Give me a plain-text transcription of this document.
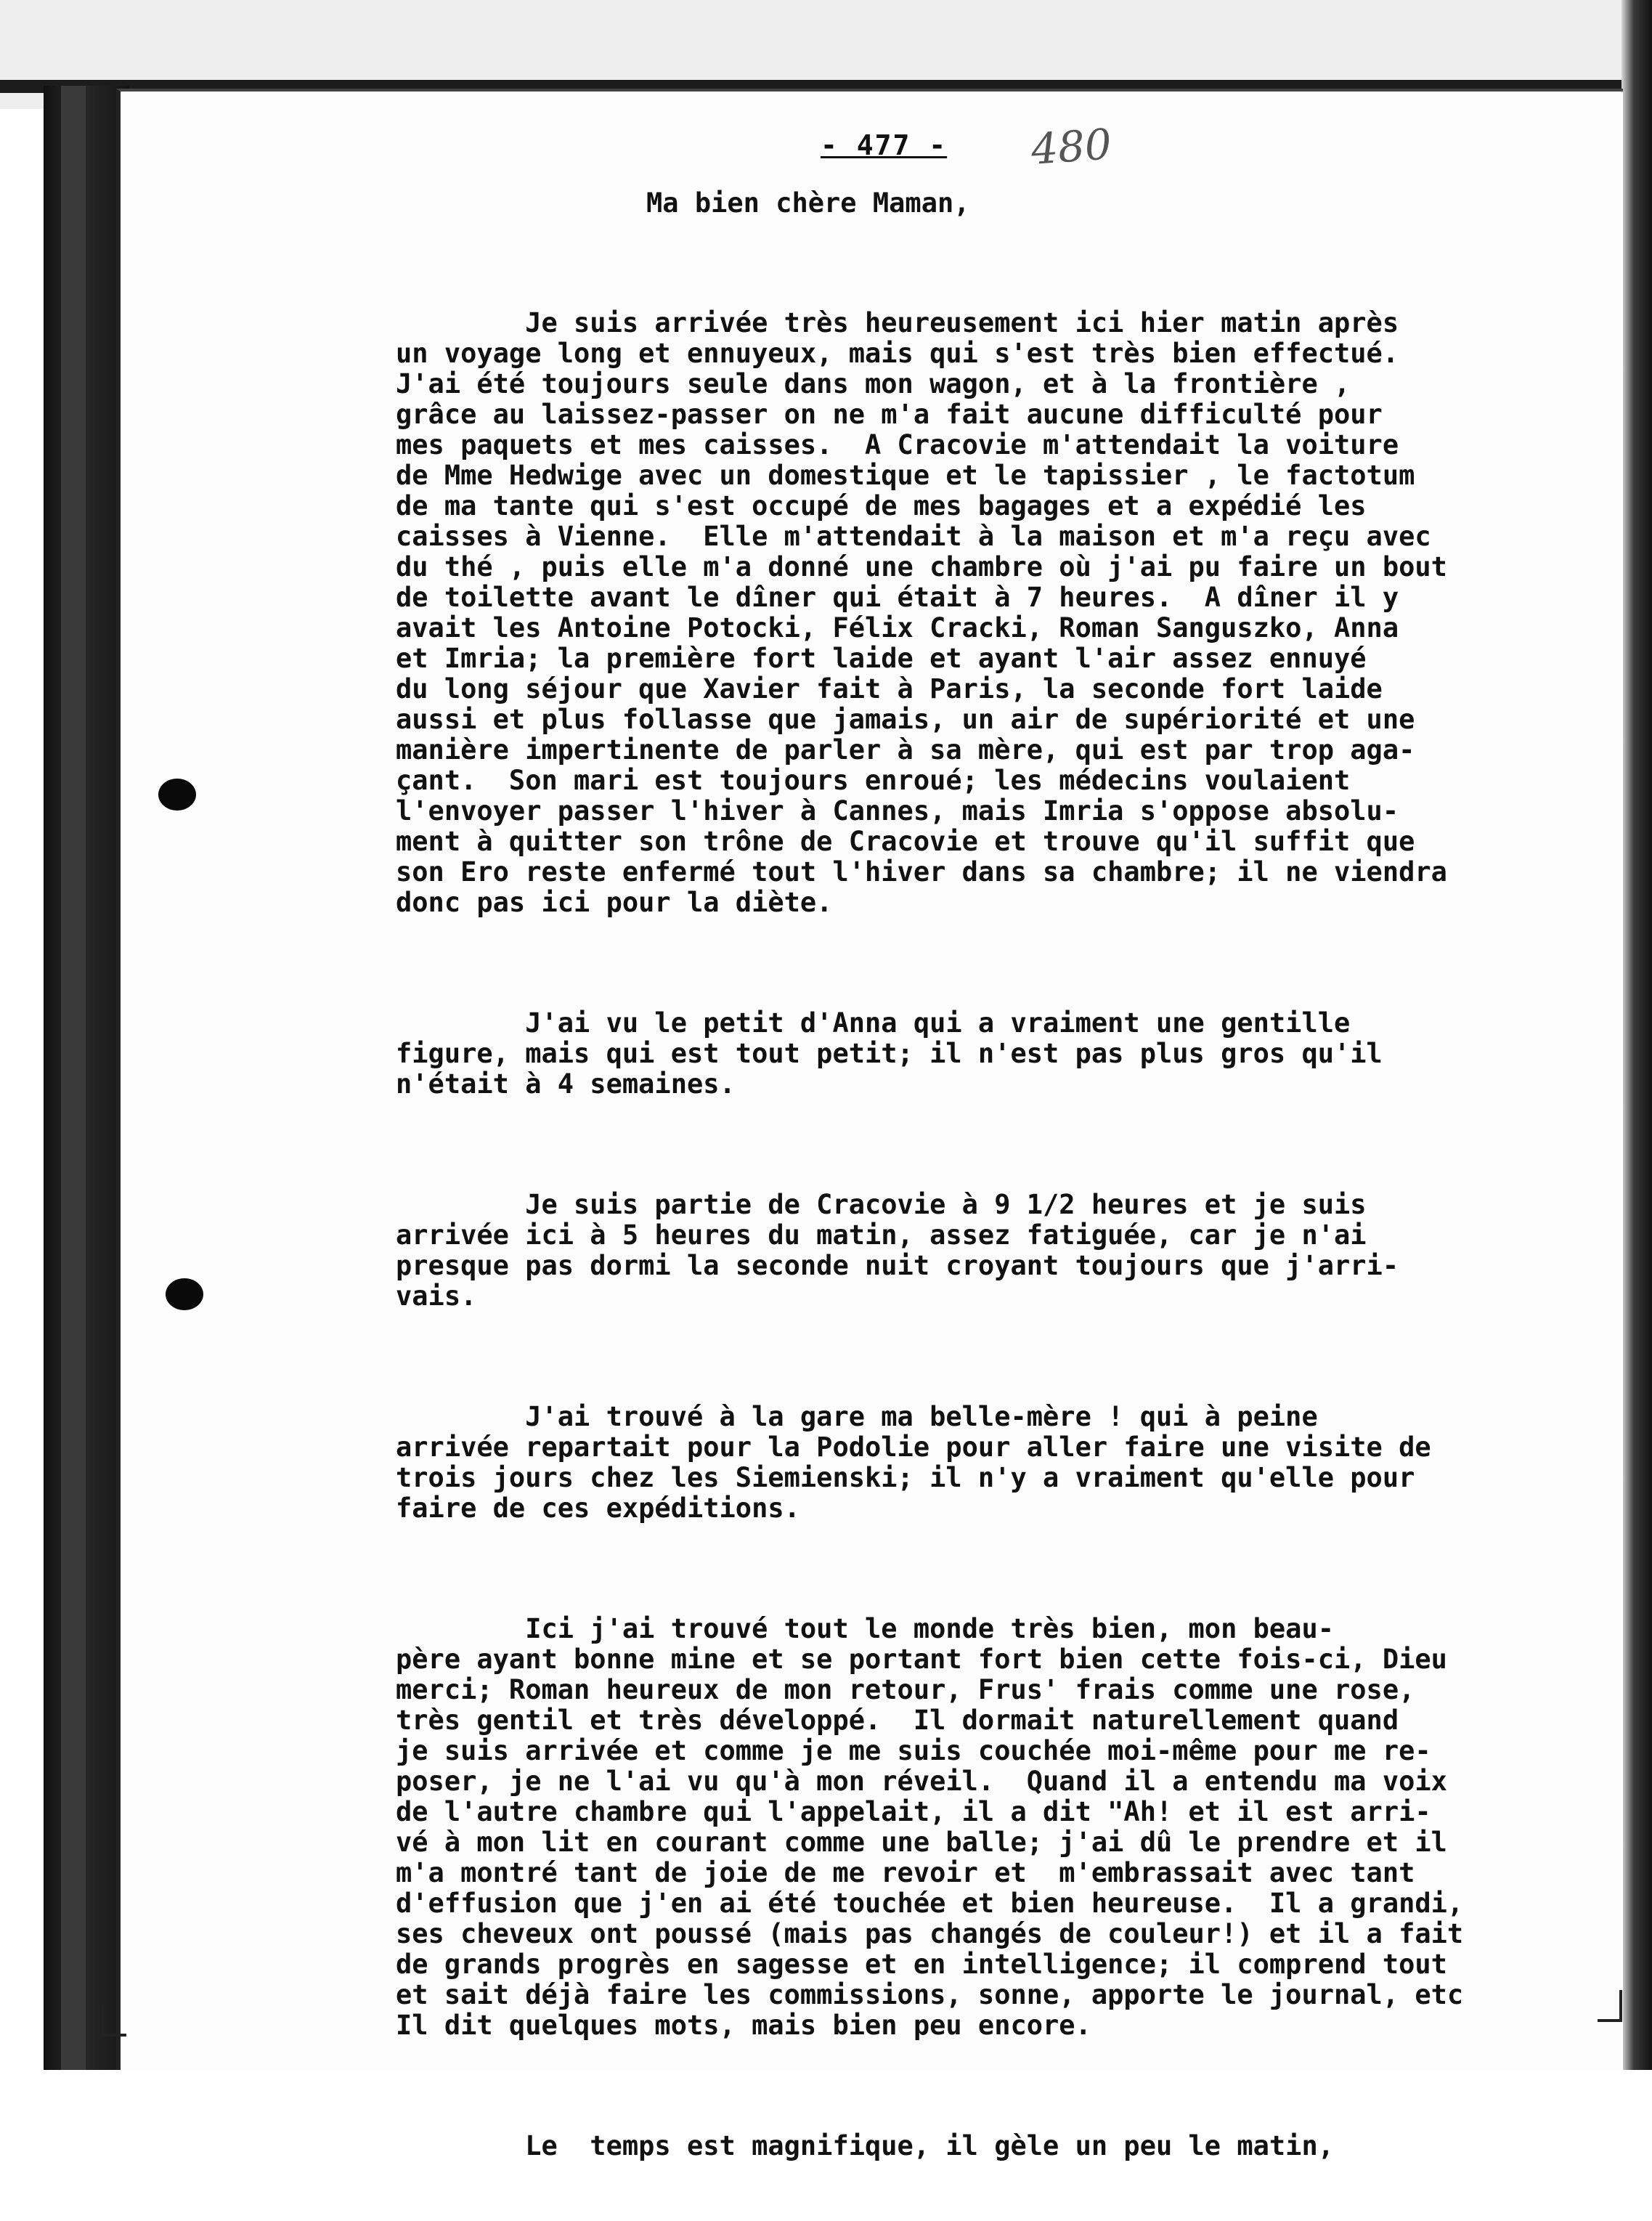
- 477 - 480
Ma bien chère Maman,

Je suis arrivée très heureusement ici hier matin après
un voyage long et ennuyeux, mais qui s'est très bien effectué.
J'ai été toujours seule dans mon wagon, et à la frontière ,
grâce au laissez-passer on ne m'a fait aucune difficulté pour
mes paquets et mes caisses.  A Cracovie m'attendait la voiture
de Mme Hedwige avec un domestique et le tapissier , le factotum
de ma tante qui s'est occupé de mes bagages et a expédié les
caisses à Vienne.  Elle m'attendait à la maison et m'a reçu avec
du thé , puis elle m'a donné une chambre où j'ai pu faire un bout
de toilette avant le dîner qui était à 7 heures.  A dîner il y
avait les Antoine Potocki, Félix Cracki, Roman Sanguszko, Anna
et Imria; la première fort laide et ayant l'air assez ennuyé
du long séjour que Xavier fait à Paris, la seconde fort laide
aussi et plus follasse que jamais, un air de supériorité et une
manière impertinente de parler à sa mère, qui est par trop aga-
çant.  Son mari est toujours enroué; les médecins voulaient
l'envoyer passer l'hiver à Cannes, mais Imria s'oppose absolu-
ment à quitter son trône de Cracovie et trouve qu'il suffit que
son Ero reste enfermé tout l'hiver dans sa chambre; il ne viendra
donc pas ici pour la diète.

J'ai vu le petit d'Anna qui a vraiment une gentille
figure, mais qui est tout petit; il n'est pas plus gros qu'il
n'était à 4 semaines.

Je suis partie de Cracovie à 9 1/2 heures et je suis
arrivée ici à 5 heures du matin, assez fatiguée, car je n'ai
presque pas dormi la seconde nuit croyant toujours que j'arri-
vais.

J'ai trouvé à la gare ma belle-mère ! qui à peine
arrivée repartait pour la Podolie pour aller faire une visite de
trois jours chez les Siemienski; il n'y a vraiment qu'elle pour
faire de ces expéditions.

Ici j'ai trouvé tout le monde très bien, mon beau-
père ayant bonne mine et se portant fort bien cette fois-ci, Dieu
merci; Roman heureux de mon retour, Frus' frais comme une rose,
très gentil et très développé.  Il dormait naturellement quand
je suis arrivée et comme je me suis couchée moi-même pour me re-
poser, je ne l'ai vu qu'à mon réveil.  Quand il a entendu ma voix
de l'autre chambre qui l'appelait, il a dit "Ah! et il est arri-
vé à mon lit en courant comme une balle; j'ai dû le prendre et il
m'a montré tant de joie de me revoir et  m'embrassait avec tant
d'effusion que j'en ai été touchée et bien heureuse.  Il a grandi,
ses cheveux ont poussé (mais pas changés de couleur!) et il a fait
de grands progrès en sagesse et en intelligence; il comprend tout
et sait déjà faire les commissions, sonne, apporte le journal, etc
Il dit quelques mots, mais bien peu encore.

Le  temps est magnifique, il gèle un peu le matin,
